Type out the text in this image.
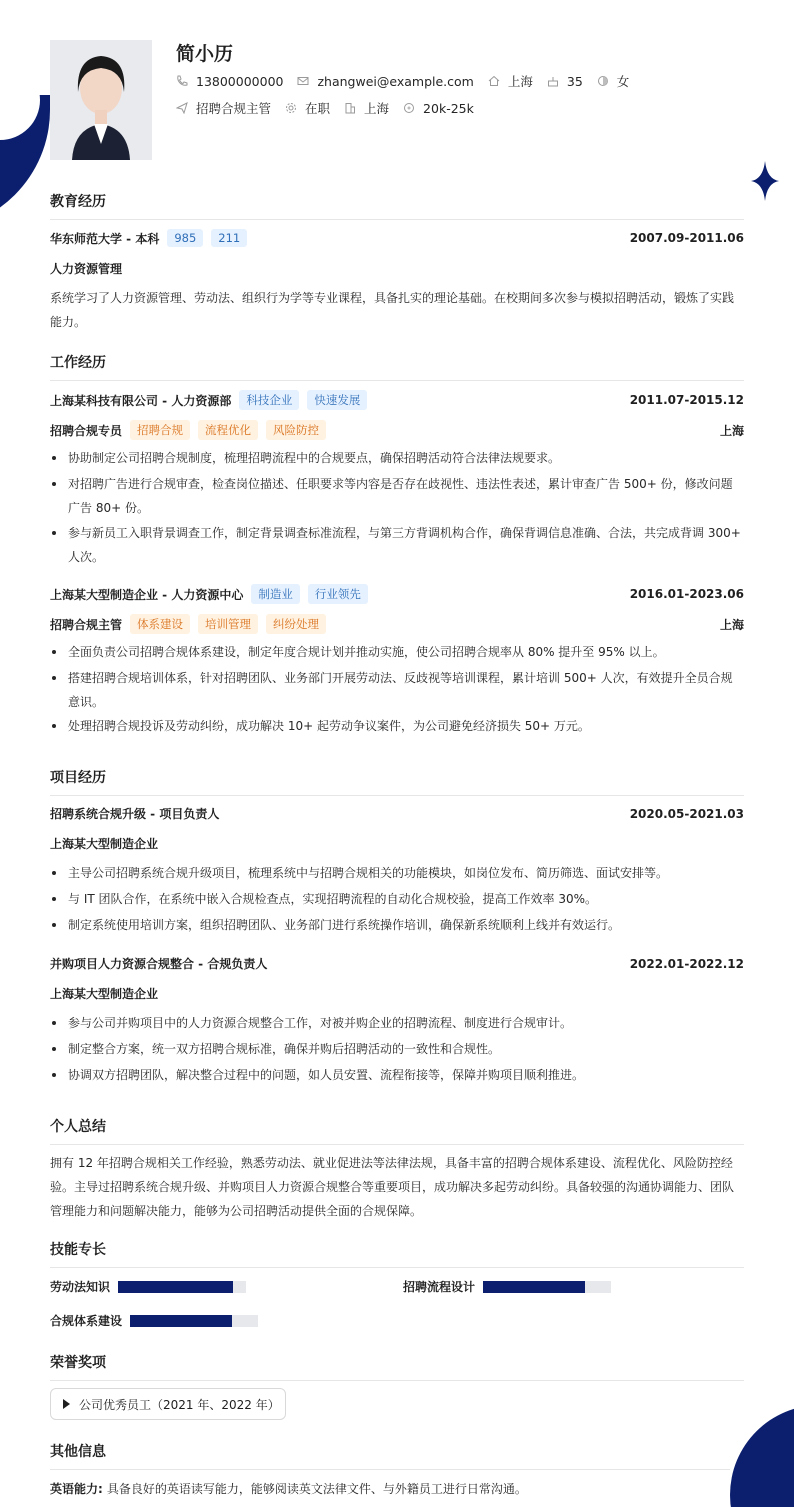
简小历
13800000000	zhangwei@example.com	上海	35	女
招聘合规主管	在职	上海	20k-25k
教育经历
华东师范大学 - 本科	985	211	2007.09-2011.06
人力资源管理
系统学习了人力资源管理、劳动法、组织行为学等专业课程，具备扎实的理论基础。在校期间多次参与模拟招聘活动，锻炼了实践能力。
工作经历
上海某科技有限公司 - 人力资源部	科技企业	快速发展	2011.07-2015.12
招聘合规专员	招聘合规	流程优化	风险防控	上海
协助制定公司招聘合规制度，梳理招聘流程中的合规要点，确保招聘活动符合法律法规要求。
对招聘广告进行合规审查，检查岗位描述、任职要求等内容是否存在歧视性、违法性表述，累计审查广告 500+ 份，修改问题广告 80+ 份。
参与新员工入职背景调查工作，制定背景调查标准流程，与第三方背调机构合作，确保背调信息准确、合法，共完成背调 300+ 人次。
上海某大型制造企业 - 人力资源中心	制造业	行业领先	2016.01-2023.06
招聘合规主管	体系建设	培训管理	纠纷处理	上海
全面负责公司招聘合规体系建设，制定年度合规计划并推动实施，使公司招聘合规率从 80% 提升至 95% 以上。
搭建招聘合规培训体系，针对招聘团队、业务部门开展劳动法、反歧视等培训课程，累计培训 500+ 人次，有效提升全员合规意识。
处理招聘合规投诉及劳动纠纷，成功解决 10+ 起劳动争议案件，为公司避免经济损失 50+ 万元。
项目经历
招聘系统合规升级 - 项目负责人	2020.05-2021.03
上海某大型制造企业
主导公司招聘系统合规升级项目，梳理系统中与招聘合规相关的功能模块，如岗位发布、简历筛选、面试安排等。
与 IT 团队合作，在系统中嵌入合规检查点，实现招聘流程的自动化合规校验，提高工作效率 30%。
制定系统使用培训方案，组织招聘团队、业务部门进行系统操作培训，确保新系统顺利上线并有效运行。
并购项目人力资源合规整合 - 合规负责人	2022.01-2022.12
上海某大型制造企业
参与公司并购项目中的人力资源合规整合工作，对被并购企业的招聘流程、制度进行合规审计。
制定整合方案，统一双方招聘合规标准，确保并购后招聘活动的一致性和合规性。
协调双方招聘团队，解决整合过程中的问题，如人员安置、流程衔接等，保障并购项目顺利推进。
个人总结
拥有 12 年招聘合规相关工作经验，熟悉劳动法、就业促进法等法律法规，具备丰富的招聘合规体系建设、流程优化、风险防控经验。主导过招聘系统合规升级、并购项目人力资源合规整合等重要项目，成功解决多起劳动纠纷。具备较强的沟通协调能力、团队管理能力和问题解决能力，能够为公司招聘活动提供全面的合规保障。
技能专长
劳动法知识	招聘流程设计
合规体系建设
荣誉奖项
公司优秀员工（2021 年、2022 年）
其他信息
英语能力: 具备良好的英语读写能力，能够阅读英文法律文件、与外籍员工进行日常沟通。
